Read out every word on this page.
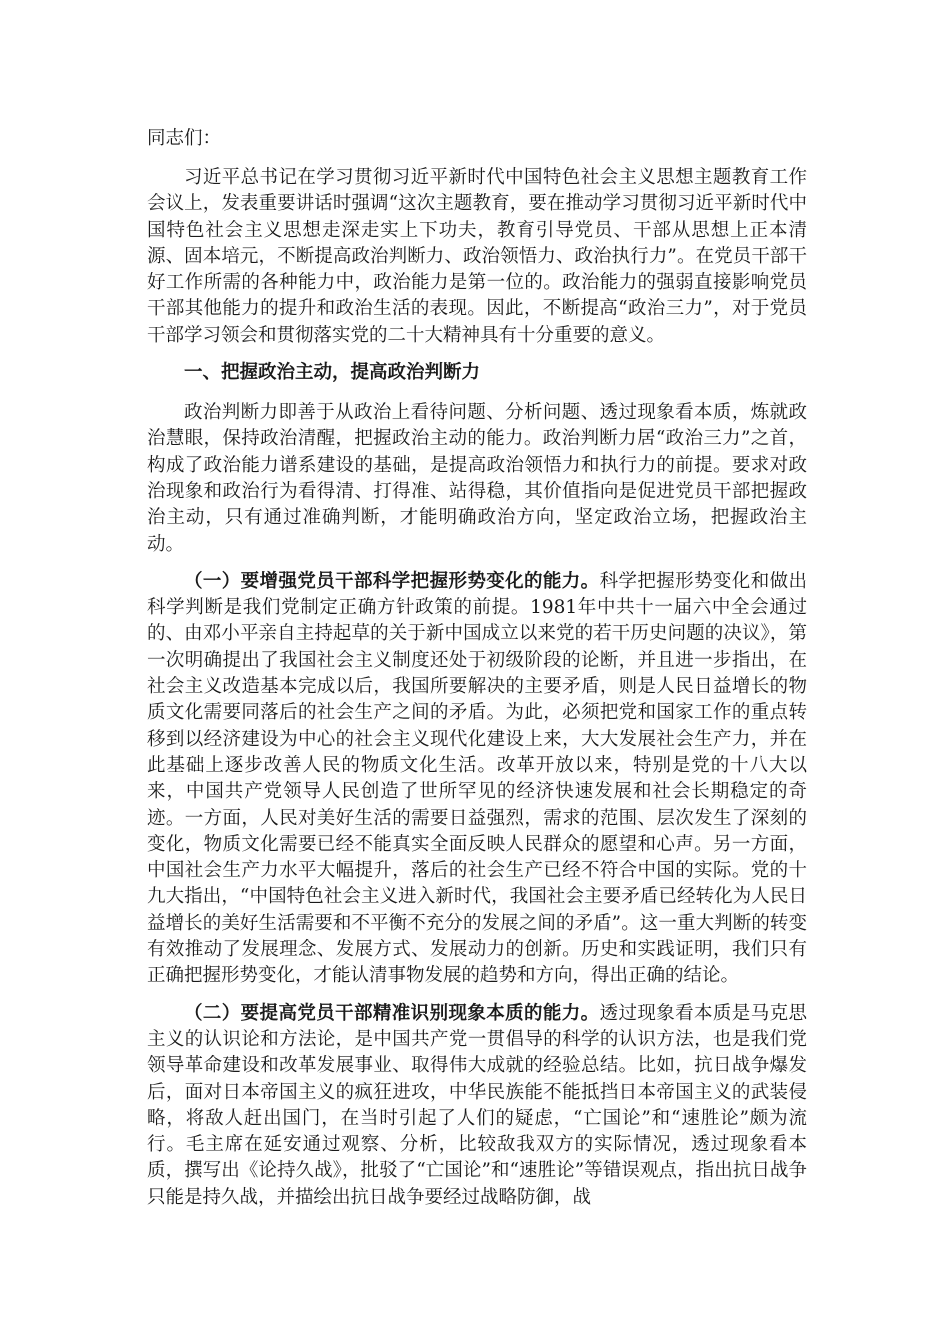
同志们：

习近平总书记在学习贯彻习近平新时代中国特色社会主义思想主题教育工作会议上，发表重要讲话时强调“这次主题教育，要在推动学习贯彻习近平新时代中国特色社会主义思想走深走实上下功夫，教育引导党员、干部从思想上正本清源、固本培元，不断提高政治判断力、政治领悟力、政治执行力”。在党员干部干好工作所需的各种能力中，政治能力是第一位的。政治能力的强弱直接影响党员干部其他能力的提升和政治生活的表现。因此，不断提高“政治三力”，对于党员干部学习领会和贯彻落实党的二十大精神具有十分重要的意义。

一、把握政治主动，提高政治判断力

政治判断力即善于从政治上看待问题、分析问题、透过现象看本质，炼就政治慧眼，保持政治清醒，把握政治主动的能力。政治判断力居“政治三力”之首，构成了政治能力谱系建设的基础，是提高政治领悟力和执行力的前提。要求对政治现象和政治行为看得清、打得准、站得稳，其价值指向是促进党员干部把握政治主动，只有通过准确判断，才能明确政治方向，坚定政治立场，把握政治主动。

（一）要增强党员干部科学把握形势变化的能力。科学把握形势变化和做出科学判断是我们党制定正确方针政策的前提。1981年中共十一届六中全会通过的、由邓小平亲自主持起草的关于新中国成立以来党的若干历史问题的决议》，第一次明确提出了我国社会主义制度还处于初级阶段的论断，并且进一步指出，在社会主义改造基本完成以后，我国所要解决的主要矛盾，则是人民日益增长的物质文化需要同落后的社会生产之间的矛盾。为此，必须把党和国家工作的重点转移到以经济建设为中心的社会主义现代化建设上来，大大发展社会生产力，并在此基础上逐步改善人民的物质文化生活。改革开放以来，特别是党的十八大以来，中国共产党领导人民创造了世所罕见的经济快速发展和社会长期稳定的奇迹。一方面，人民对美好生活的需要日益强烈，需求的范围、层次发生了深刻的变化，物质文化需要已经不能真实全面反映人民群众的愿望和心声。另一方面，中国社会生产力水平大幅提升，落后的社会生产已经不符合中国的实际。党的十九大指出，“中国特色社会主义进入新时代，我国社会主要矛盾已经转化为人民日益增长的美好生活需要和不平衡不充分的发展之间的矛盾”。这一重大判断的转变有效推动了发展理念、发展方式、发展动力的创新。历史和实践证明，我们只有正确把握形势变化，才能认清事物发展的趋势和方向，得出正确的结论。

（二）要提高党员干部精准识别现象本质的能力。透过现象看本质是马克思主义的认识论和方法论，是中国共产党一贯倡导的科学的认识方法，也是我们党领导革命建设和改革发展事业、取得伟大成就的经验总结。比如，抗日战争爆发后，面对日本帝国主义的疯狂进攻，中华民族能不能抵挡日本帝国主义的武装侵略，将敌人赶出国门，在当时引起了人们的疑虑，“亡国论”和“速胜论”颇为流行。毛主席在延安通过观察、分析，比较敌我双方的实际情况，透过现象看本质，撰写出《论持久战》，批驳了“亡国论”和“速胜论”等错误观点，指出抗日战争只能是持久战，并描绘出抗日战争要经过战略防御，战
